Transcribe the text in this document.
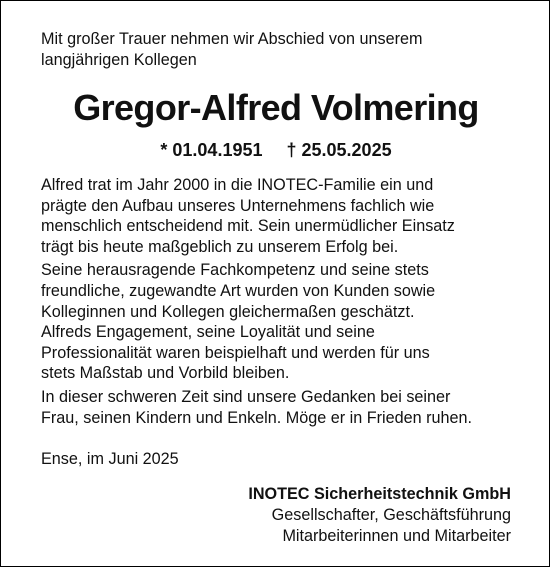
Mit großer Trauer nehmen wir Abschied von unserem
langjährigen Kollegen
Gregor-Alfred Volmering
* 01.04.1951 † 25.05.2025

Alfred trat im Jahr 2000 in die INOTEC-Familie ein und
prägte den Aufbau unseres Unternehmens fachlich wie
menschlich entscheidend mit. Sein unermüdlicher Einsatz
trägt bis heute maßgeblich zu unserem Erfolg bei.

Seine herausragende Fachkompetenz und seine stets
freundliche, zugewandte Art wurden von Kunden sowie
Kolleginnen und Kollegen gleichermaßen geschätzt.
Alfreds Engagement, seine Loyalität und seine
Professionalität waren beispielhaft und werden für uns
stets Maßstab und Vorbild bleiben.

In dieser schweren Zeit sind unsere Gedanken bei seiner
Frau, seinen Kindern und Enkeln. Möge er in Frieden ruhen.

Ense, im Juni 2025
INOTEC Sicherheitstechnik GmbH
Gesellschafter, Geschäftsführung
Mitarbeiterinnen und Mitarbeiter
